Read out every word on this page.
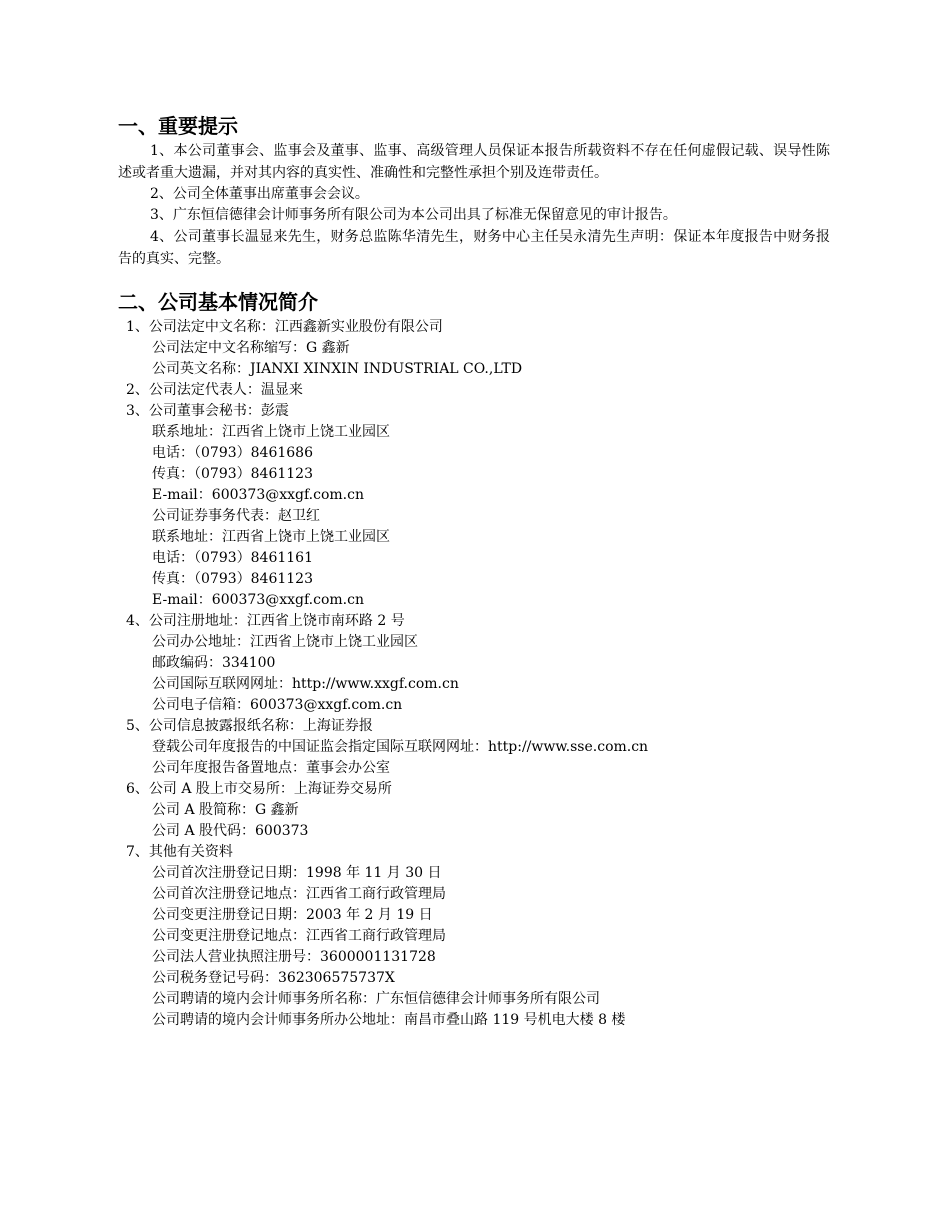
一、重要提示

1、本公司董事会、监事会及董事、监事、高级管理人员保证本报告所载资料不存在任何虚假记载、误导性陈述或者重大遗漏，并对其内容的真实性、准确性和完整性承担个别及连带责任。

2、公司全体董事出席董事会会议。

3、广东恒信德律会计师事务所有限公司为本公司出具了标准无保留意见的审计报告。

4、公司董事长温显来先生，财务总监陈华清先生，财务中心主任吴永清先生声明：保证本年度报告中财务报告的真实、完整。

二、公司基本情况简介
1、公司法定中文名称：江西鑫新实业股份有限公司
公司法定中文名称缩写：G 鑫新
公司英文名称：JIANXI XINXIN INDUSTRIAL CO.,LTD
2、公司法定代表人：温显来
3、公司董事会秘书：彭震
联系地址：江西省上饶市上饶工业园区
电话：（0793）8461686
传真：（0793）8461123
E-mail：600373@xxgf.com.cn
公司证券事务代表：赵卫红
联系地址：江西省上饶市上饶工业园区
电话：（0793）8461161
传真：（0793）8461123
E-mail：600373@xxgf.com.cn
4、公司注册地址：江西省上饶市南环路 2 号
公司办公地址：江西省上饶市上饶工业园区
邮政编码：334100
公司国际互联网网址：http://www.xxgf.com.cn
公司电子信箱：600373@xxgf.com.cn
5、公司信息披露报纸名称：上海证券报
登载公司年度报告的中国证监会指定国际互联网网址：http://www.sse.com.cn
公司年度报告备置地点：董事会办公室
6、公司 A 股上市交易所：上海证券交易所
公司 A 股简称：G 鑫新
公司 A 股代码：600373
7、其他有关资料
公司首次注册登记日期：1998 年 11 月 30 日
公司首次注册登记地点：江西省工商行政管理局
公司变更注册登记日期：2003 年 2 月 19 日
公司变更注册登记地点：江西省工商行政管理局
公司法人营业执照注册号：3600001131728
公司税务登记号码：362306575737X
公司聘请的境内会计师事务所名称：广东恒信德律会计师事务所有限公司
公司聘请的境内会计师事务所办公地址：南昌市叠山路 119 号机电大楼 8 楼
